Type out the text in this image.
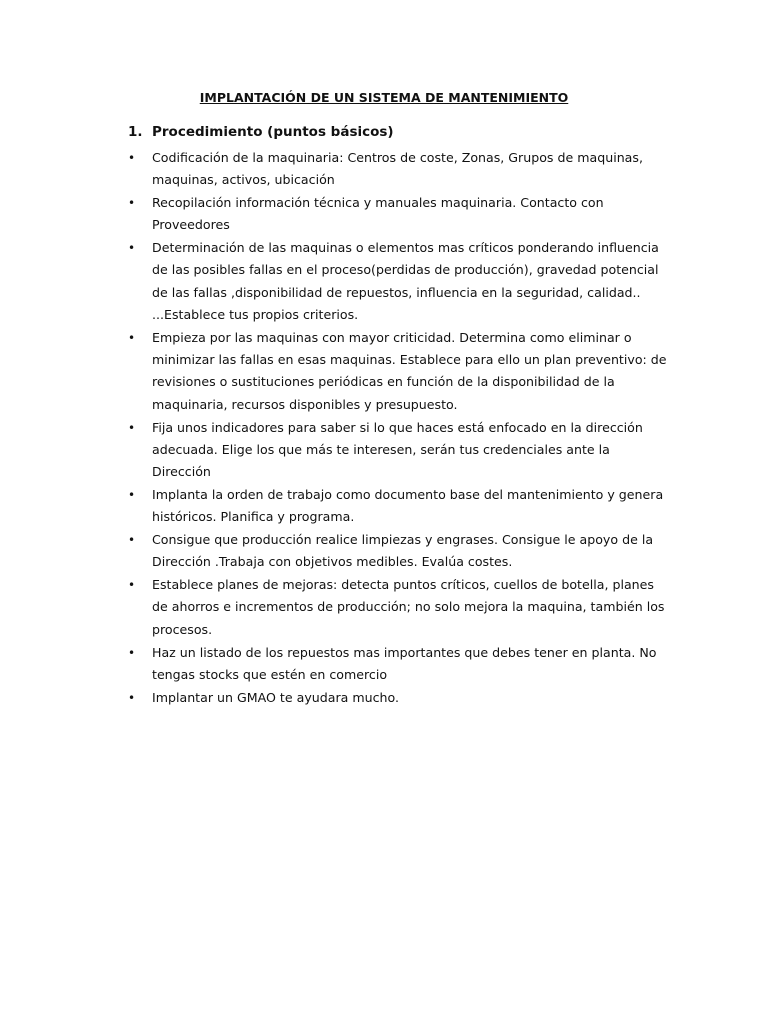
IMPLANTACIÓN DE UN SISTEMA DE MANTENIMIENTO
1. Procedimiento (puntos básicos)
• Codificación de la maquinaria: Centros de coste, Zonas, Grupos de maquinas, maquinas, activos, ubicación
• Recopilación información técnica y manuales maquinaria. Contacto con Proveedores
• Determinación de las maquinas o elementos mas críticos ponderando influencia de las posibles fallas en el proceso(perdidas de producción), gravedad potencial de las fallas ,disponibilidad de repuestos, influencia en la seguridad, calidad.. ...Establece tus propios criterios.
• Empieza por las maquinas con mayor criticidad. Determina como eliminar o minimizar las fallas en esas maquinas. Establece para ello un plan preventivo: de revisiones o sustituciones periódicas en función de la disponibilidad de la maquinaria, recursos disponibles y presupuesto.
• Fija unos indicadores para saber si lo que haces está enfocado en la dirección adecuada. Elige los que más te interesen, serán tus credenciales ante la Dirección
• Implanta la orden de trabajo como documento base del mantenimiento y genera históricos. Planifica y programa.
• Consigue que producción realice limpiezas y engrases. Consigue le apoyo de la Dirección .Trabaja con objetivos medibles. Evalúa costes.
• Establece planes de mejoras: detecta puntos críticos, cuellos de botella, planes de ahorros e incrementos de producción; no solo mejora la maquina, también los procesos.
• Haz un listado de los repuestos mas importantes que debes tener en planta. No tengas stocks que estén en comercio
• Implantar un GMAO te ayudara mucho.
